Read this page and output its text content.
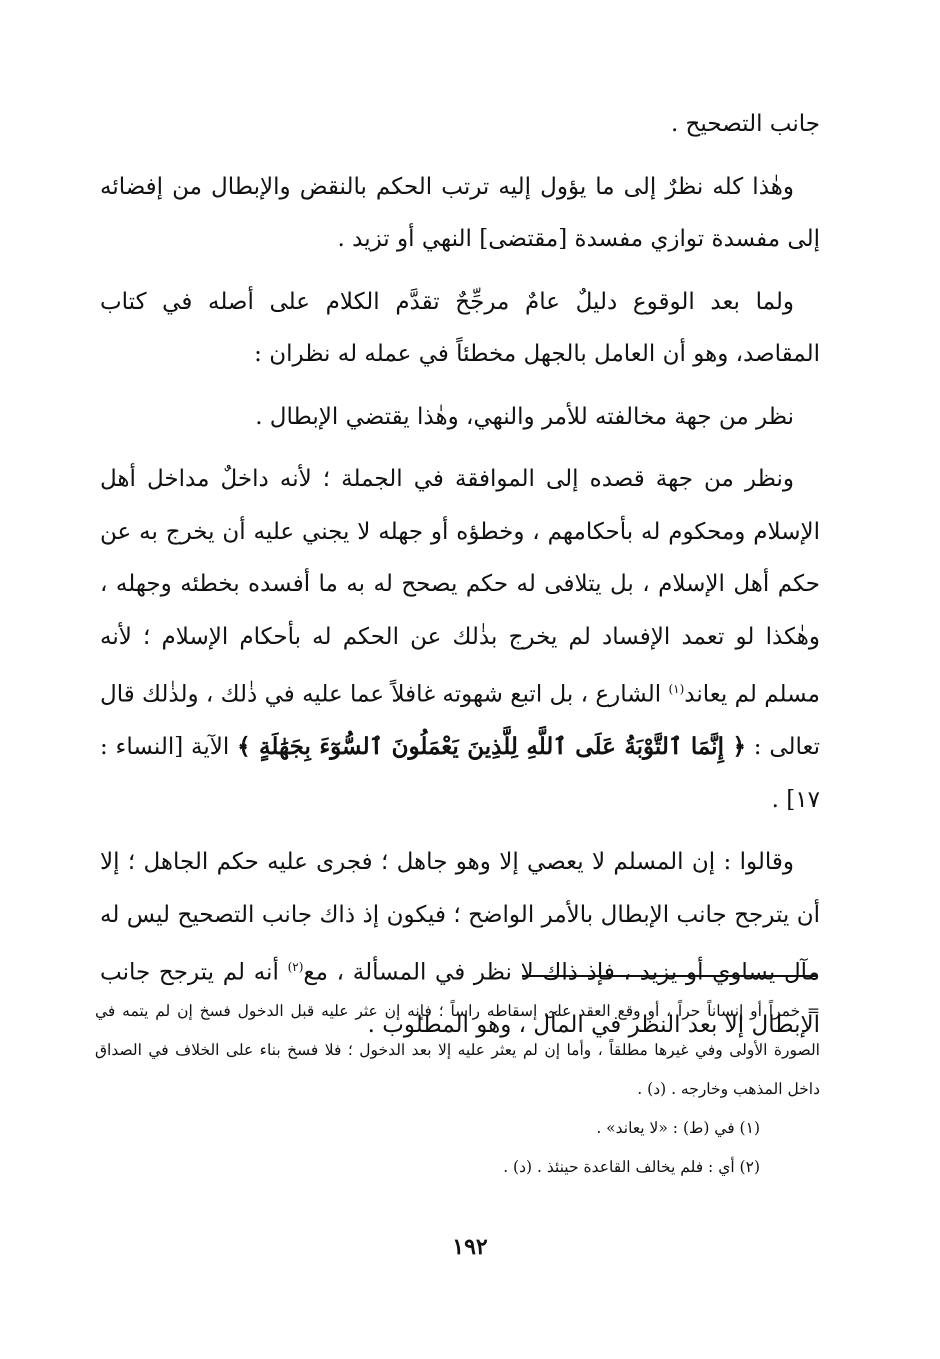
جانب التصحيح .

وهٰذا كله نظرٌ إلى ما يؤول إليه ترتب الحكم بالنقض والإبطال من إفضائه إلى مفسدة توازي مفسدة [مقتضى] النهي أو تزيد .

ولما بعد الوقوع دليلٌ عامٌ مرجِّحٌ تقدَّم الكلام على أصله في كتاب المقاصد، وهو أن العامل بالجهل مخطئاً في عمله له نظران :

نظر من جهة مخالفته للأمر والنهي، وهٰذا يقتضي الإبطال .

ونظر من جهة قصده إلى الموافقة في الجملة ؛ لأنه داخلٌ مداخل أهل الإسلام ومحكوم له بأحكامهم ، وخطؤه أو جهله لا يجني عليه أن يخرج به عن حكم أهل الإسلام ، بل يتلافى له حكم يصحح له به ما أفسده بخطئه وجهله ، وهٰكذا لو تعمد الإفساد لم يخرج بذٰلك عن الحكم له بأحكام الإسلام ؛ لأنه مسلم لم يعاند$^{(١)}$ الشارع ، بل اتبع شهوته غافلاً عما عليه في ذٰلك ، ولذٰلك قال تعالى : ﴿ إِنَّمَا ٱلتَّوْبَةُ عَلَى ٱللَّهِ لِلَّذِينَ يَعْمَلُونَ ٱلسُّوٓءَ بِجَهَٰلَةٍ ﴾ الآية [النساء : ١٧] .

وقالوا : إن المسلم لا يعصي إلا وهو جاهل ؛ فجرى عليه حكم الجاهل ؛ إلا أن يترجح جانب الإبطال بالأمر الواضح ؛ فيكون إذ ذاك جانب التصحيح ليس له مآل يساوي أو يزيد ، فإذ ذاك لا نظر في المسألة ، مع$^{(٢)}$ أنه لم يترجح جانب الإبطال إلا بعد النظر في المآل ، وهو المطلوب .

= خمراً أو إنساناً حراً ، أو وقع العقد على إسقاطه راساً ؛ فإنه إن عثر عليه قبل الدخول فسخ إن لم يتمه في الصورة الأولى وفي غيرها مطلقاً ، وأما إن لم يعثر عليه إلا بعد الدخول ؛ فلا فسخ بناء على الخلاف في الصداق داخل المذهب وخارجه . (د) .

(١) في (ط) : «لا يعاند» .

(٢) أي : فلم يخالف القاعدة حينئذ . (د) .

١٩٢
